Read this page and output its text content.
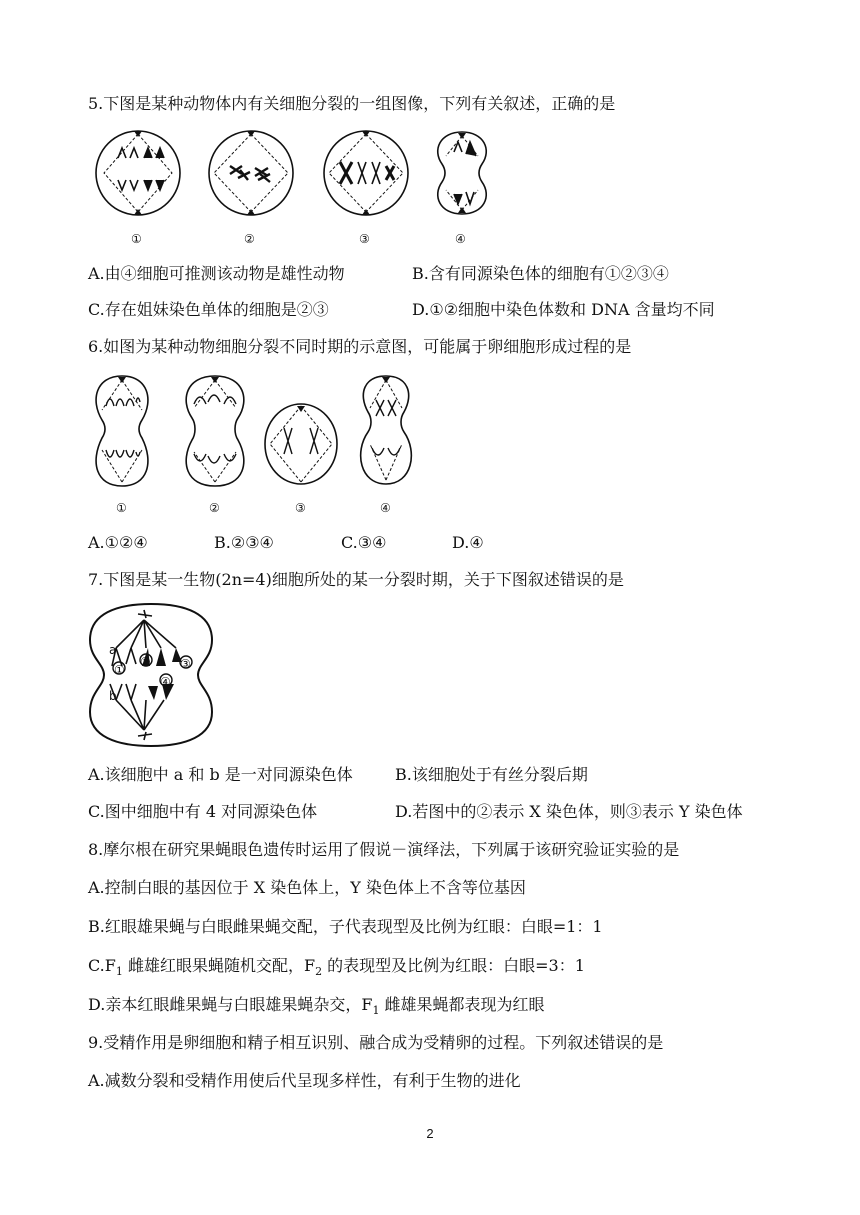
5.下图是某种动物体内有关细胞分裂的一组图像，下列有关叙述，正确的是
①	②	③	④
A.由④细胞可推测该动物是雄性动物	B.含有同源染色体的细胞有①②③④
C.存在姐妹染色单体的细胞是②③	D.①②细胞中染色体数和 DNA 含量均不同
6.如图为某种动物细胞分裂不同时期的示意图，可能属于卵细胞形成过程的是
①	②	③	④
A.①②④	B.②③④	C.③④	D.④
7.下图是某一生物(2n=4)细胞所处的某一分裂时期，关于下图叙述错误的是
a
b
①
② ③
④
A.该细胞中 a 和 b 是一对同源染色体	B.该细胞处于有丝分裂后期
C.图中细胞中有 4 对同源染色体	D.若图中的②表示 X 染色体，则③表示 Y 染色体
8.摩尔根在研究果蝇眼色遗传时运用了假说－演绎法，下列属于该研究验证实验的是
A.控制白眼的基因位于 X 染色体上，Y 染色体上不含等位基因
B.红眼雄果蝇与白眼雌果蝇交配，子代表现型及比例为红眼：白眼=1：1
$C.F_1$ 雌雄红眼果蝇随机交配，$F_2$ 的表现型及比例为红眼：白眼=3：1
D.亲本红眼雌果蝇与白眼雄果蝇杂交，$F_1$ 雌雄果蝇都表现为红眼
9.受精作用是卵细胞和精子相互识别、融合成为受精卵的过程。下列叙述错误的是
A.减数分裂和受精作用使后代呈现多样性，有利于生物的进化
2
